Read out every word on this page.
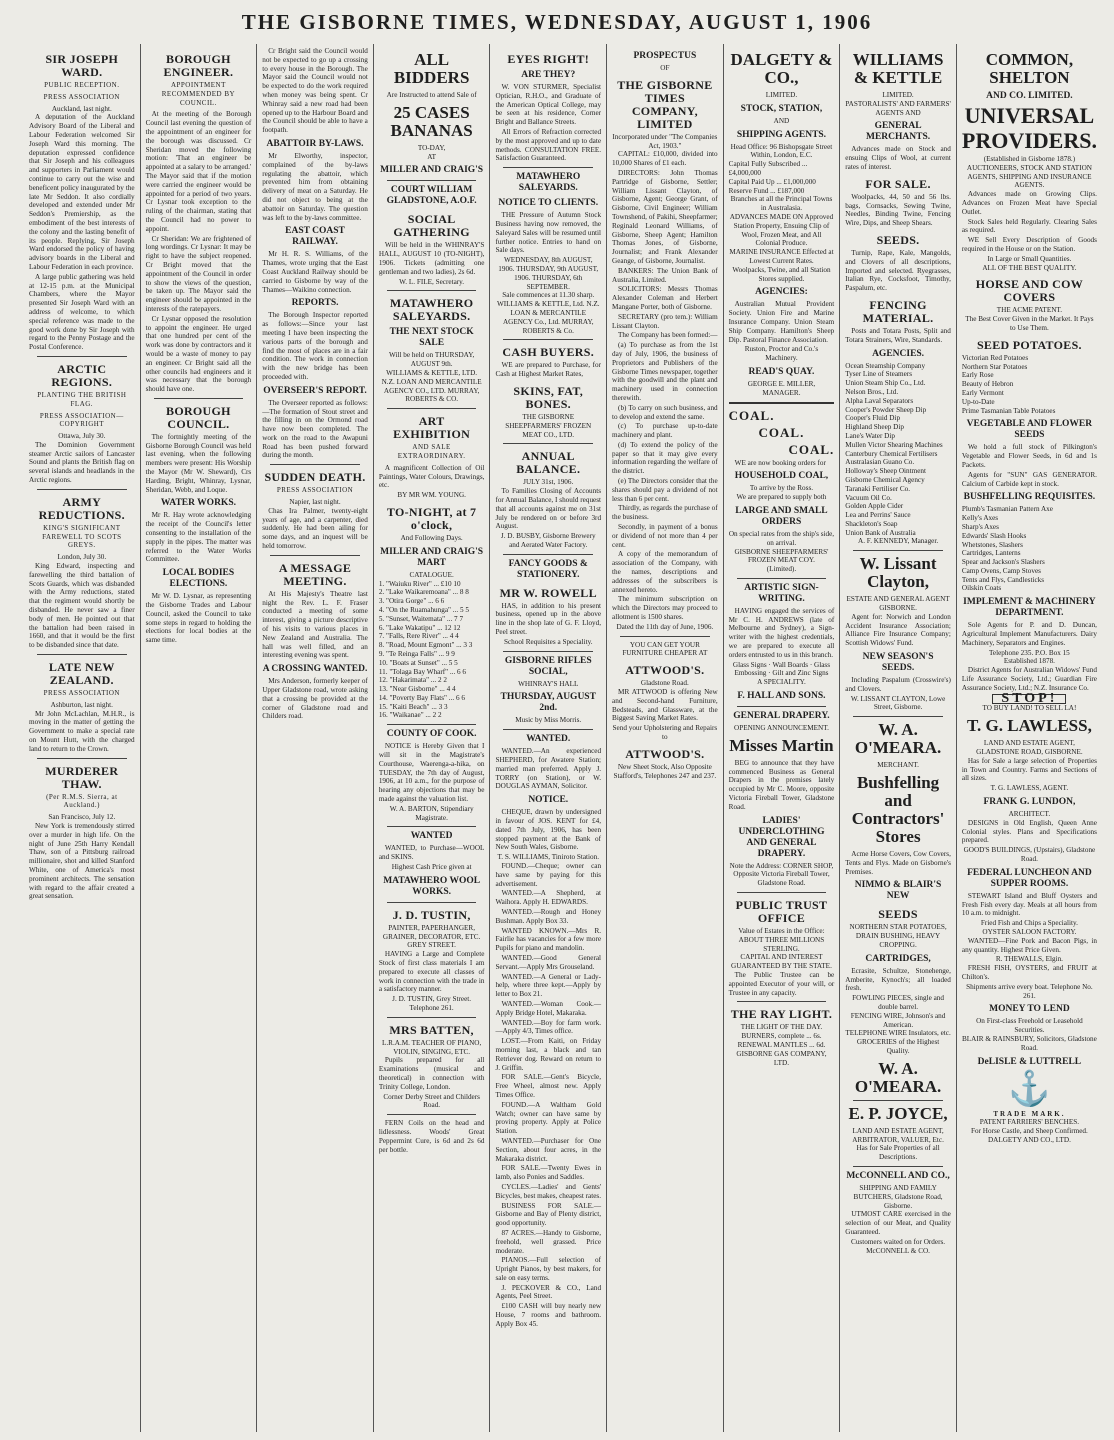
THE GISBORNE TIMES, WEDNESDAY, AUGUST 1, 1906
SIR JOSEPH WARD.
PUBLIC RECEPTION.
PRESS ASSOCIATION
Auckland, last night.

A deputation of the Auckland Advisory Board of the Liberal and Labour Federation welcomed Sir Joseph Ward this morning. The deputation expressed confidence that Sir Joseph and his colleagues and supporters in Parliament would continue to carry out the wise and beneficent policy inaugurated by the late Mr Seddon. It also cordially developed and extended under Mr Seddon's Premiership, as the embodiment of the best interests of the colony and the lasting benefit of its people. Replying, Sir Joseph Ward endorsed the policy of having advisory boards in the Liberal and Labour Federation in each province.

A large public gathering was held at 12-15 p.m. at the Municipal Chambers, where the Mayor presented Sir Joseph Ward with an address of welcome, to which special reference was made to the good work done by Sir Joseph with regard to the Penny Postage and the Postal Conference.

ARCTIC REGIONS.
PLANTING THE BRITISH FLAG.
PRESS ASSOCIATION—COPYRIGHT
Ottawa, July 30.

The Dominion Government steamer Arctic sailors of Lancaster Sound and plants the British flag on several islands and headlands in the Arctic regions.

ARMY REDUCTIONS.
KING'S SIGNIFICANT FAREWELL TO SCOTS GREYS.
London, July 30.

King Edward, inspecting and farewelling the third battalion of Scots Guards, which was disbanded with the Army reductions, stated that the regiment would shortly be disbanded. He never saw a finer body of men. He pointed out that the battalion had been raised in 1660, and that it would be the first to be disbanded since that date.

LATE NEW ZEALAND.
PRESS ASSOCIATION
Ashburton, last night.

Mr John McLachlan, M.H.R., is moving in the matter of getting the Government to make a special rate on Mount Hutt, with the charged land to return to the Crown.

MURDERER THAW.
(Per R.M.S. Sierra, at Auckland.)
San Francisco, July 12.

New York is tremendously stirred over a murder in high life. On the night of June 25th Harry Kendall Thaw, son of a Pittsburg railroad millionaire, shot and killed Stanford White, one of America's most prominent architects. The sensation with regard to the affair created a great sensation.

BOROUGH ENGINEER.
APPOINTMENT RECOMMENDED BY COUNCIL.

At the meeting of the Borough Council last evening the question of the appointment of an engineer for the borough was discussed. Cr Sheridan moved the following motion: 'That an engineer be appointed at a salary to be arranged.' The Mayor said that if the motion were carried the engineer would be appointed for a period of two years. Cr Lysnar took exception to the ruling of the chairman, stating that the Council had no power to appoint.

Cr Sheridan: We are frightened of long wordings. Cr Lysnar: It may be right to have the subject reopened. Cr Bright moved that the appointment of the Council in order to show the views of the question, be taken up. The Mayor said the engineer should be appointed in the interests of the ratepayers.

Cr Lysnar opposed the resolution to appoint the engineer. He urged that one hundred per cent of the work was done by contractors and it would be a waste of money to pay an engineer. Cr Bright said all the other councils had engineers and it was necessary that the borough should have one.

BOROUGH COUNCIL.

The fortnightly meeting of the Gisborne Borough Council was held last evening, when the following members were present: His Worship the Mayor (Mr W. Sheward), Crs Harding, Bright, Whinray, Lysnar, Sheridan, Webb, and Loque.

WATER WORKS.

Mr R. Hay wrote acknowledging the receipt of the Council's letter consenting to the installation of the supply in the pipes. The matter was referred to the Water Works Committee.

LOCAL BODIES ELECTIONS.

Mr W. D. Lysnar, as representing the Gisborne Trades and Labour Council, asked the Council to take some steps in regard to holding the elections for local bodies at the same time.

Cr Bright said the Council would not be expected to go up a crossing to every house in the Borough. The Mayor said the Council would not be expected to do the work required when money was being spent. Cr Whinray said a new road had been opened up to the Harbour Board and the Council should be able to have a footpath.

ABATTOIR BY-LAWS.

Mr Elworthy, inspector, complained of the by-laws regulating the abattoir, which prevented him from obtaining delivery of meat on a Saturday. He did not object to being at the abattoir on Saturday. The question was left to the by-laws committee.

EAST COAST RAILWAY.

Mr H. R. S. Williams, of the Thames, wrote urging that the East Coast Auckland Railway should be carried to Gisborne by way of the Thames—Waikino connection.

REPORTS.

The Borough Inspector reported as follows:—Since your last meeting I have been inspecting the various parts of the borough and find the most of places are in a fair condition. The work in connection with the new bridge has been proceeded with.

OVERSEER'S REPORT.

The Overseer reported as follows:—The formation of Stout street and the filling in on the Ormond road have now been completed. The work on the road to the Awapuni Road has been pushed forward during the month.

SUDDEN DEATH.
PRESS ASSOCIATION
Napier, last night.

Chas Ira Palmer, twenty-eight years of age, and a carpenter, died suddenly. He had been ailing for some days, and an inquest will be held tomorrow.

A MESSAGE MEETING.

At His Majesty's Theatre last night the Rev. L. F. Fraser conducted a meeting of some interest, giving a picture descriptive of his visits to various places in New Zealand and Australia. The hall was well filled, and an interesting evening was spent.

A CROSSING WANTED.

Mrs Anderson, formerly keeper of Upper Gladstone road, wrote asking that a crossing be provided at the corner of Gladstone road and Childers road.

ALL BIDDERS
Are Instructed to attend Sale of
25 CASES BANANAS
TO-DAY,
AT
MILLER AND CRAIG'S
COURT WILLIAM GLADSTONE, A.O.F.
SOCIAL GATHERING

Will be held in the WHINRAY'S HALL, AUGUST 10 (TO-NIGHT), 1906. Tickets (admitting one gentleman and two ladies), 2s 6d.

W. L. FILE, Secretary.
MATAWHERO SALEYARDS.
THE NEXT STOCK SALE
Will be held on THURSDAY, AUGUST 9th.
WILLIAMS & KETTLE, LTD. N.Z. LOAN AND MERCANTILE AGENCY CO., LTD. MURRAY, ROBERTS & CO.
ART EXHIBITION
AND SALE EXTRAORDINARY.

A magnificent Collection of Oil Paintings, Water Colours, Drawings, etc.

BY MR WM. YOUNG.
TO-NIGHT, at 7 o'clock,
And Following Days.
MILLER AND CRAIG'S MART
CATALOGUE.
1. "Waiuku River" ... £10 10
2. "Lake Waikaremoana" ... 8 8
3. "Otira Gorge" ... 6 6
4. "On the Ruamahunga" ... 5 5
5. "Sunset, Waitemata" ... 7 7
6. "Lake Wakatipu" ... 12 12
7. "Falls, Rere River" ... 4 4
8. "Road, Mount Egmont" ... 3 3
9. "Te Reinga Falls" ... 9 9
10. "Boats at Sunset" ... 5 5
11. "Tolaga Bay Wharf" ... 6 6
12. "Hakarimata" ... 2 2
13. "Near Gisborne" ... 4 4
14. "Poverty Bay Flats" ... 6 6
15. "Kaiti Beach" ... 3 3
16. "Waikanae" ... 2 2
COUNTY OF COOK.

NOTICE is Hereby Given that I will sit in the Magistrate's Courthouse, Waerenga-a-hika, on TUESDAY, the 7th day of August, 1906, at 10 a.m., for the purpose of hearing any objections that may be made against the valuation list.

W. A. BARTON, Stipendiary Magistrate.
WANTED

WANTED, to Purchase—WOOL and SKINS.

Highest Cash Price given at
MATAWHERO WOOL WORKS.
J. D. TUSTIN,
PAINTER, PAPERHANGER, GRAINER, DECORATOR, ETC.
GREY STREET.

HAVING a Large and Complete Stock of first class materials I am prepared to execute all classes of work in connection with the trade in a satisfactory manner.

J. D. TUSTIN, Grey Street.
Telephone 261.
MRS BATTEN,
L.R.A.M. TEACHER OF PIANO, VIOLIN, SINGING, ETC.

Pupils prepared for all Examinations (musical and theoretical) in connection with Trinity College, London.

Corner Derby Street and Childers Road.

FERN Coils on the head and lidlessness. Woods' Great Peppermint Cure, is 6d and 2s 6d per bottle.

EYES RIGHT!
ARE THEY?

W. VON STURMER, Specialist Optician, R.H.O., and Graduate of the American Optical College, may be seen at his residence, Corner Bright and Ballance Streets.

All Errors of Refraction corrected by the most approved and up to date methods. CONSULTATION FREE. Satisfaction Guaranteed.

MATAWHERO SALEYARDS.
NOTICE TO CLIENTS.

THE Pressure of Autumn Stock Business having now removed, the Saleyard Sales will be resumed until further notice. Entries to hand on Sale days.

WEDNESDAY, 8th AUGUST, 1906. THURSDAY, 9th AUGUST, 1906. THURSDAY, 6th SEPTEMBER.
Sale commences at 11.30 sharp.
WILLIAMS & KETTLE, Ltd. N.Z. LOAN & MERCANTILE AGENCY Co., Ltd. MURRAY, ROBERTS & Co.
CASH BUYERS.

WE are prepared to Purchase, for Cash at Highest Market Rates,

SKINS, FAT, BONES.
THE GISBORNE SHEEPFARMERS' FROZEN MEAT CO., LTD.
ANNUAL BALANCE.
JULY 31st, 1906.

To Families Closing of Accounts for Annual Balance, I should request that all accounts against me on 31st July be rendered on or before 3rd August.

J. D. BUSBY, Gisborne Brewery and Aerated Water Factory.
FANCY GOODS & STATIONERY.
MR W. ROWELL

HAS, in addition to his present business, opened up in the above line in the shop late of G. F. Lloyd, Peel street.

School Requisites a Speciality.
GISBORNE RIFLES SOCIAL,
WHINRAY'S HALL
THURSDAY, AUGUST 2nd.
Music by Miss Morris.
WANTED.

WANTED.—An experienced SHEPHERD, for Awatere Station; married man preferred. Apply J. TORRY (on Station), or W. DOUGLAS AYMAN, Solicitor.

NOTICE.

CHEQUE, drawn by undersigned in favour of JOS. KENT for £4, dated 7th July, 1906, has been stopped payment at the Bank of New South Wales, Gisborne.

T. S. WILLIAMS, Tiniroto Station.

FOUND.—Cheque; owner can have same by paying for this advertisement.

WANTED.—A Shepherd, at Waihora. Apply H. EDWARDS.

WANTED.—Rough and Honey Bushman. Apply Box 33.

WANTED KNOWN.—Mrs R. Fairlie has vacancies for a few more Pupils for piano and mandolin.

WANTED.—Good General Servant.—Apply Mrs Grouseland.

WANTED.—A General or Lady-help, where three kept.—Apply by letter to Box 21.

WANTED.—Woman Cook.—Apply Bridge Hotel, Makaraka.

WANTED.—Boy for farm work.—Apply 4/3, Times office.

LOST.—From Kaiti, on Friday morning last, a black and tan Retriever dog. Reward on return to J. Griffin.

FOR SALE.—Gent's Bicycle, Free Wheel, almost new. Apply Times Office.

FOUND.—A Waltham Gold Watch; owner can have same by proving property. Apply at Police Station.

WANTED.—Purchaser for One Section, about four acres, in the Makaraka district.

FOR SALE.—Twenty Ewes in lamb, also Ponies and Saddles.

CYCLES.—Ladies' and Gents' Bicycles, best makes, cheapest rates.

BUSINESS FOR SALE.—Gisborne and Bay of Plenty district, good opportunity.

87 ACRES.—Handy to Gisborne, freehold, well grassed. Price moderate.

PIANOS.—Full selection of Upright Pianos, by best makers, for sale on easy terms.

J. PECKOVER & CO., Land Agents, Peel Street.

£100 CASH will buy nearly new House, 7 rooms and bathroom. Apply Box 45.

PROSPECTUS
OF
THE GISBORNE TIMES COMPANY, LIMITED
Incorporated under "The Companies Act, 1903."

CAPITAL: £10,000, divided into 10,000 Shares of £1 each.

DIRECTORS: John Thomas Partridge of Gisborne, Settler; William Lissant Clayton, of Gisborne, Agent; George Grant, of Gisborne, Civil Engineer; William Townshend, of Pakihi, Sheepfarmer; Reginald Leonard Williams, of Gisborne, Sheep Agent; Hamilton Thomas Jones, of Gisborne, Journalist; and Frank Alexander Geange, of Gisborne, Journalist.

BANKERS: The Union Bank of Australia, Limited.

SOLICITORS: Messrs Thomas Alexander Coleman and Herbert Mangane Porter, both of Gisborne.

SECRETARY (pro tem.): William Lissant Clayton.

The Company has been formed:—

(a) To purchase as from the 1st day of July, 1906, the business of Proprietors and Publishers of the Gisborne Times newspaper, together with the goodwill and the plant and machinery used in connection therewith.

(b) To carry on such business, and to develop and extend the same.

(c) To purchase up-to-date machinery and plant.

(d) To extend the policy of the paper so that it may give every information regarding the welfare of the district.

(e) The Directors consider that the shares should pay a dividend of not less than 6 per cent.

Thirdly, as regards the purchase of the business.

Secondly, in payment of a bonus or dividend of not more than 4 per cent.

A copy of the memorandum of association of the Company, with the names, descriptions and addresses of the subscribers is annexed hereto.

The minimum subscription on which the Directors may proceed to allotment is 1500 shares.

Dated the 11th day of June, 1906.
YOU CAN GET YOUR FURNITURE CHEAPER AT
ATTWOOD'S.
Gladstone Road.

MR ATTWOOD is offering New and Second-hand Furniture, Bedsteads, and Glassware, at the Biggest Saving Market Rates.

Send your Upholstering and Repairs to
ATTWOOD'S.
New Sheet Stock, Also Opposite Stafford's, Telephones 247 and 237.
DALGETY & CO.,
LIMITED.
STOCK, STATION,
AND
SHIPPING AGENTS.
Head Office: 96 Bishopsgate Street Within, London, E.C.
Capital Fully Subscribed ... £4,000,000
Capital Paid Up ... £1,000,000
Reserve Fund ... £187,000
Branches at all the Principal Towns in Australasia.
ADVANCES MADE ON Approved Station Property, Ensuing Clip of Wool, Frozen Meat, and All Colonial Produce.
MARINE INSURANCE Effected at Lowest Current Rates.
Woolpacks, Twine, and all Station Stores supplied.
AGENCIES:

Australian Mutual Provident Society. Union Fire and Marine Insurance Company. Union Steam Ship Company. Hamilton's Sheep Dip. Pastoral Finance Association.

Ruston, Proctor and Co.'s Machinery.
READ'S QUAY.
GEORGE E. MILLER, MANAGER.
COAL.
COAL.
COAL.

WE are now booking orders for

HOUSEHOLD COAL,
To arrive by the Ross.
We are prepared to supply both
LARGE AND SMALL ORDERS
On special rates from the ship's side, on arrival.
GISBORNE SHEEPFARMERS' FROZEN MEAT COY.
(Limited).
ARTISTIC SIGN-WRITING.

HAVING engaged the services of Mr C. H. ANDREWS (late of Melbourne and Sydney), a Sign-writer with the highest credentials, we are prepared to execute all orders entrusted to us in this branch.

Glass Signs · Wall Boards · Glass Embossing · Gilt and Zinc Signs
A SPECIALITY.
F. HALL AND SONS.
GENERAL DRAPERY.
OPENING ANNOUNCEMENT.
Misses Martin

BEG to announce that they have commenced Business as General Drapers in the premises lately occupied by Mr C. Moore, opposite Victoria Fireball Tower, Gladstone Road.

LADIES' UNDERCLOTHING AND GENERAL DRAPERY.
Note the Address: CORNER SHOP, Opposite Victoria Fireball Tower, Gladstone Road.
PUBLIC TRUST OFFICE
Value of Estates in the Office: ABOUT THREE MILLIONS STERLING.
CAPITAL AND INTEREST GUARANTEED BY THE STATE.

The Public Trustee can be appointed Executor of your will, or Trustee in any capacity.

THE RAY LIGHT.
THE LIGHT OF THE DAY.
BURNERS, complete ... 6s. RENEWAL MANTLES ... 6d.
GISBORNE GAS COMPANY, LTD.
WILLIAMS & KETTLE
LIMITED.
PASTORALISTS' AND FARMERS'
AGENTS AND
GENERAL MERCHANTS.

Advances made on Stock and ensuing Clips of Wool, at current rates of interest.

FOR SALE.

Woolpacks, 44, 50 and 56 lbs. bags, Cornsacks, Sewing Twine, Needles, Binding Twine, Fencing Wire, Dips, and Sheep Shears.

SEEDS.

Turnip, Rape, Kale, Mangolds, and Clovers of all descriptions, Imported and selected. Ryegrasses, Italian Rye, Cocksfoot, Timothy, Paspalum, etc.

FENCING MATERIAL.

Posts and Totara Posts, Split and Totara Strainers, Wire, Standards.

AGENCIES.
Ocean Steamship Company
Tyser Line of Steamers
Union Steam Ship Co., Ltd.
Nelson Bros., Ltd.
Alpha Laval Separators
Cooper's Powder Sheep Dip
Cooper's Fluid Dip
Highland Sheep Dip
Lane's Water Dip
Mullen Victor Shearing Machines
Canterbury Chemical Fertilisers
Australasian Guano Co.
Holloway's Sheep Ointment
Gisborne Chemical Agency
Taranaki Fertiliser Co.
Vacuum Oil Co.
Golden Apple Cider
Lea and Perrins' Sauce
Shackleton's Soap
Union Bank of Australia
A. F. KENNEDY, Manager.
W. Lissant Clayton,
ESTATE AND GENERAL AGENT GISBORNE.

Agent for: Norwich and London Accident Insurance Association; Alliance Fire Insurance Company; Scottish Widows' Fund.

NEW SEASON'S SEEDS.

Including Paspalum (Crosswire's) and Clovers.

W. LISSANT CLAYTON, Lowe Street, Gisborne.
W. A. O'MEARA.
MERCHANT.
Bushfelling and Contractors' Stores

Acme Horse Covers, Cow Covers, Tents and Flys. Made on Gisborne's Premises.

NIMMO & BLAIR'S NEW
SEEDS
NORTHERN STAR POTATOES, DRAIN BUSHING, HEAVY CROPPING.
CARTRIDGES,

Ecrasite, Schultze, Stonehenge, Amberite, Kynoch's; all loaded fresh.

FOWLING PIECES, single and double barrel.
FENCING WIRE, Johnson's and American.
TELEPHONE WIRE Insulators, etc.
GROCERIES of the Highest Quality.
W. A. O'MEARA.
E. P. JOYCE,
LAND AND ESTATE AGENT, ARBITRATOR, VALUER, Etc.
Has for Sale Properties of all Descriptions.
McCONNELL AND CO.,
SHIPPING AND FAMILY BUTCHERS, Gladstone Road, Gisborne.

UTMOST CARE exercised in the selection of our Meat, and Quality Guaranteed.

Customers waited on for Orders. McCONNELL & CO.
COMMON, SHELTON
AND CO. LIMITED.
UNIVERSAL
PROVIDERS.
(Established in Gisborne 1878.)
AUCTIONEERS, STOCK AND STATION AGENTS, SHIPPING AND INSURANCE AGENTS.

Advances made on Growing Clips. Advances on Frozen Meat have Special Outlet.

Stock Sales held Regularly. Clearing Sales as required.

WE Sell Every Description of Goods required in the House or on the Station.

In Large or Small Quantities.
ALL OF THE BEST QUALITY.
HORSE AND COW COVERS
THE ACME PATENT.
The Best Cover Given in the Market. It Pays to Use Them.
SEED POTATOES.
Victorian Red Potatoes
Northern Star Potatoes
Early Rose
Beauty of Hebron
Early Vermont
Up-to-Date
Prime Tasmanian Table Potatoes
VEGETABLE AND FLOWER SEEDS

We hold a full stock of Pilkington's Vegetable and Flower Seeds, in 6d and 1s Packets.

Agents for "SUN" GAS GENERATOR. Calcium of Carbide kept in stock.

BUSHFELLING REQUISITES.
Plumb's Tasmanian Pattern Axe
Kelly's Axes
Sharp's Axes
Edwards' Slash Hooks
Whetstones, Slashers
Cartridges, Lanterns
Spear and Jackson's Slashers
Camp Ovens, Camp Stoves
Tents and Flys, Candlesticks
Oilskin Coats
IMPLEMENT & MACHINERY DEPARTMENT.

Sole Agents for P. and D. Duncan, Agricultural Implement Manufacturers. Dairy Machinery, Separators and Engines.

Telephone 235. P.O. Box 15
Established 1878.

District Agents for Australian Widows' Fund Life Assurance Society, Ltd.; Guardian Fire Assurance Society, Ltd.; N.Z. Insurance Co.

STOP!
TO BUY LAND! TO SELL LA!
T. G. LAWLESS,
LAND AND ESTATE AGENT, GLADSTONE ROAD, GISBORNE.

Has for Sale a large selection of Properties in Town and Country. Farms and Sections of all sizes.

T. G. LAWLESS, AGENT.
FRANK G. LUNDON,
ARCHITECT.

DESIGNS in Old English, Queen Anne Colonial styles. Plans and Specifications prepared.

GOOD'S BUILDINGS, (Upstairs), Gladstone Road.
FEDERAL LUNCHEON AND SUPPER ROOMS.

STEWART Island and Bluff Oysters and Fresh Fish every day. Meals at all hours from 10 a.m. to midnight.

Fried Fish and Chips a Speciality.
OYSTER SALOON FACTORY.

WANTED—Fine Pork and Bacon Pigs, in any quantity. Highest Price Given.

R. THEWALLS, Elgin.

FRESH FISH, OYSTERS, and FRUIT at Chilton's.

Shipments arrive every boat. Telephone No. 261.
MONEY TO LEND
On First-class Freehold or Leasehold Securities.
BLAIR & RAINSBURY, Solicitors, Gladstone Road.
DeLISLE & LUTTRELL
⚓
TRADE MARK.
PATENT FARRIERS' BENCHES.
For Horse Castle, and Sheep Confirmed.
DALGETY AND CO., LTD.
